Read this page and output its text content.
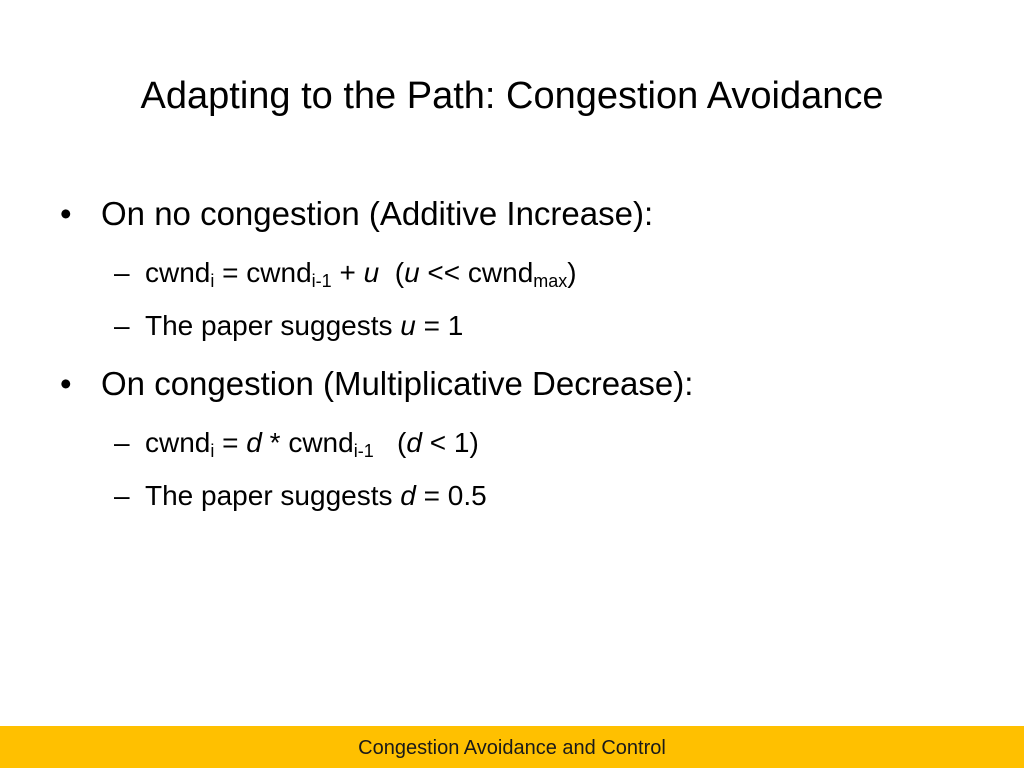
Adapting to the Path: Congestion Avoidance

• On no congestion (Additive Increase):

– cwnd$_i$ = cwnd$_{i-1}$ + u  (u << cwnd$_{max}$)
– The paper suggests u = 1

• On congestion (Multiplicative Decrease):

– cwnd$_i$ = d * cwnd$_{i-1}$   (d < 1)
– The paper suggests d = 0.5
Congestion Avoidance and Control
